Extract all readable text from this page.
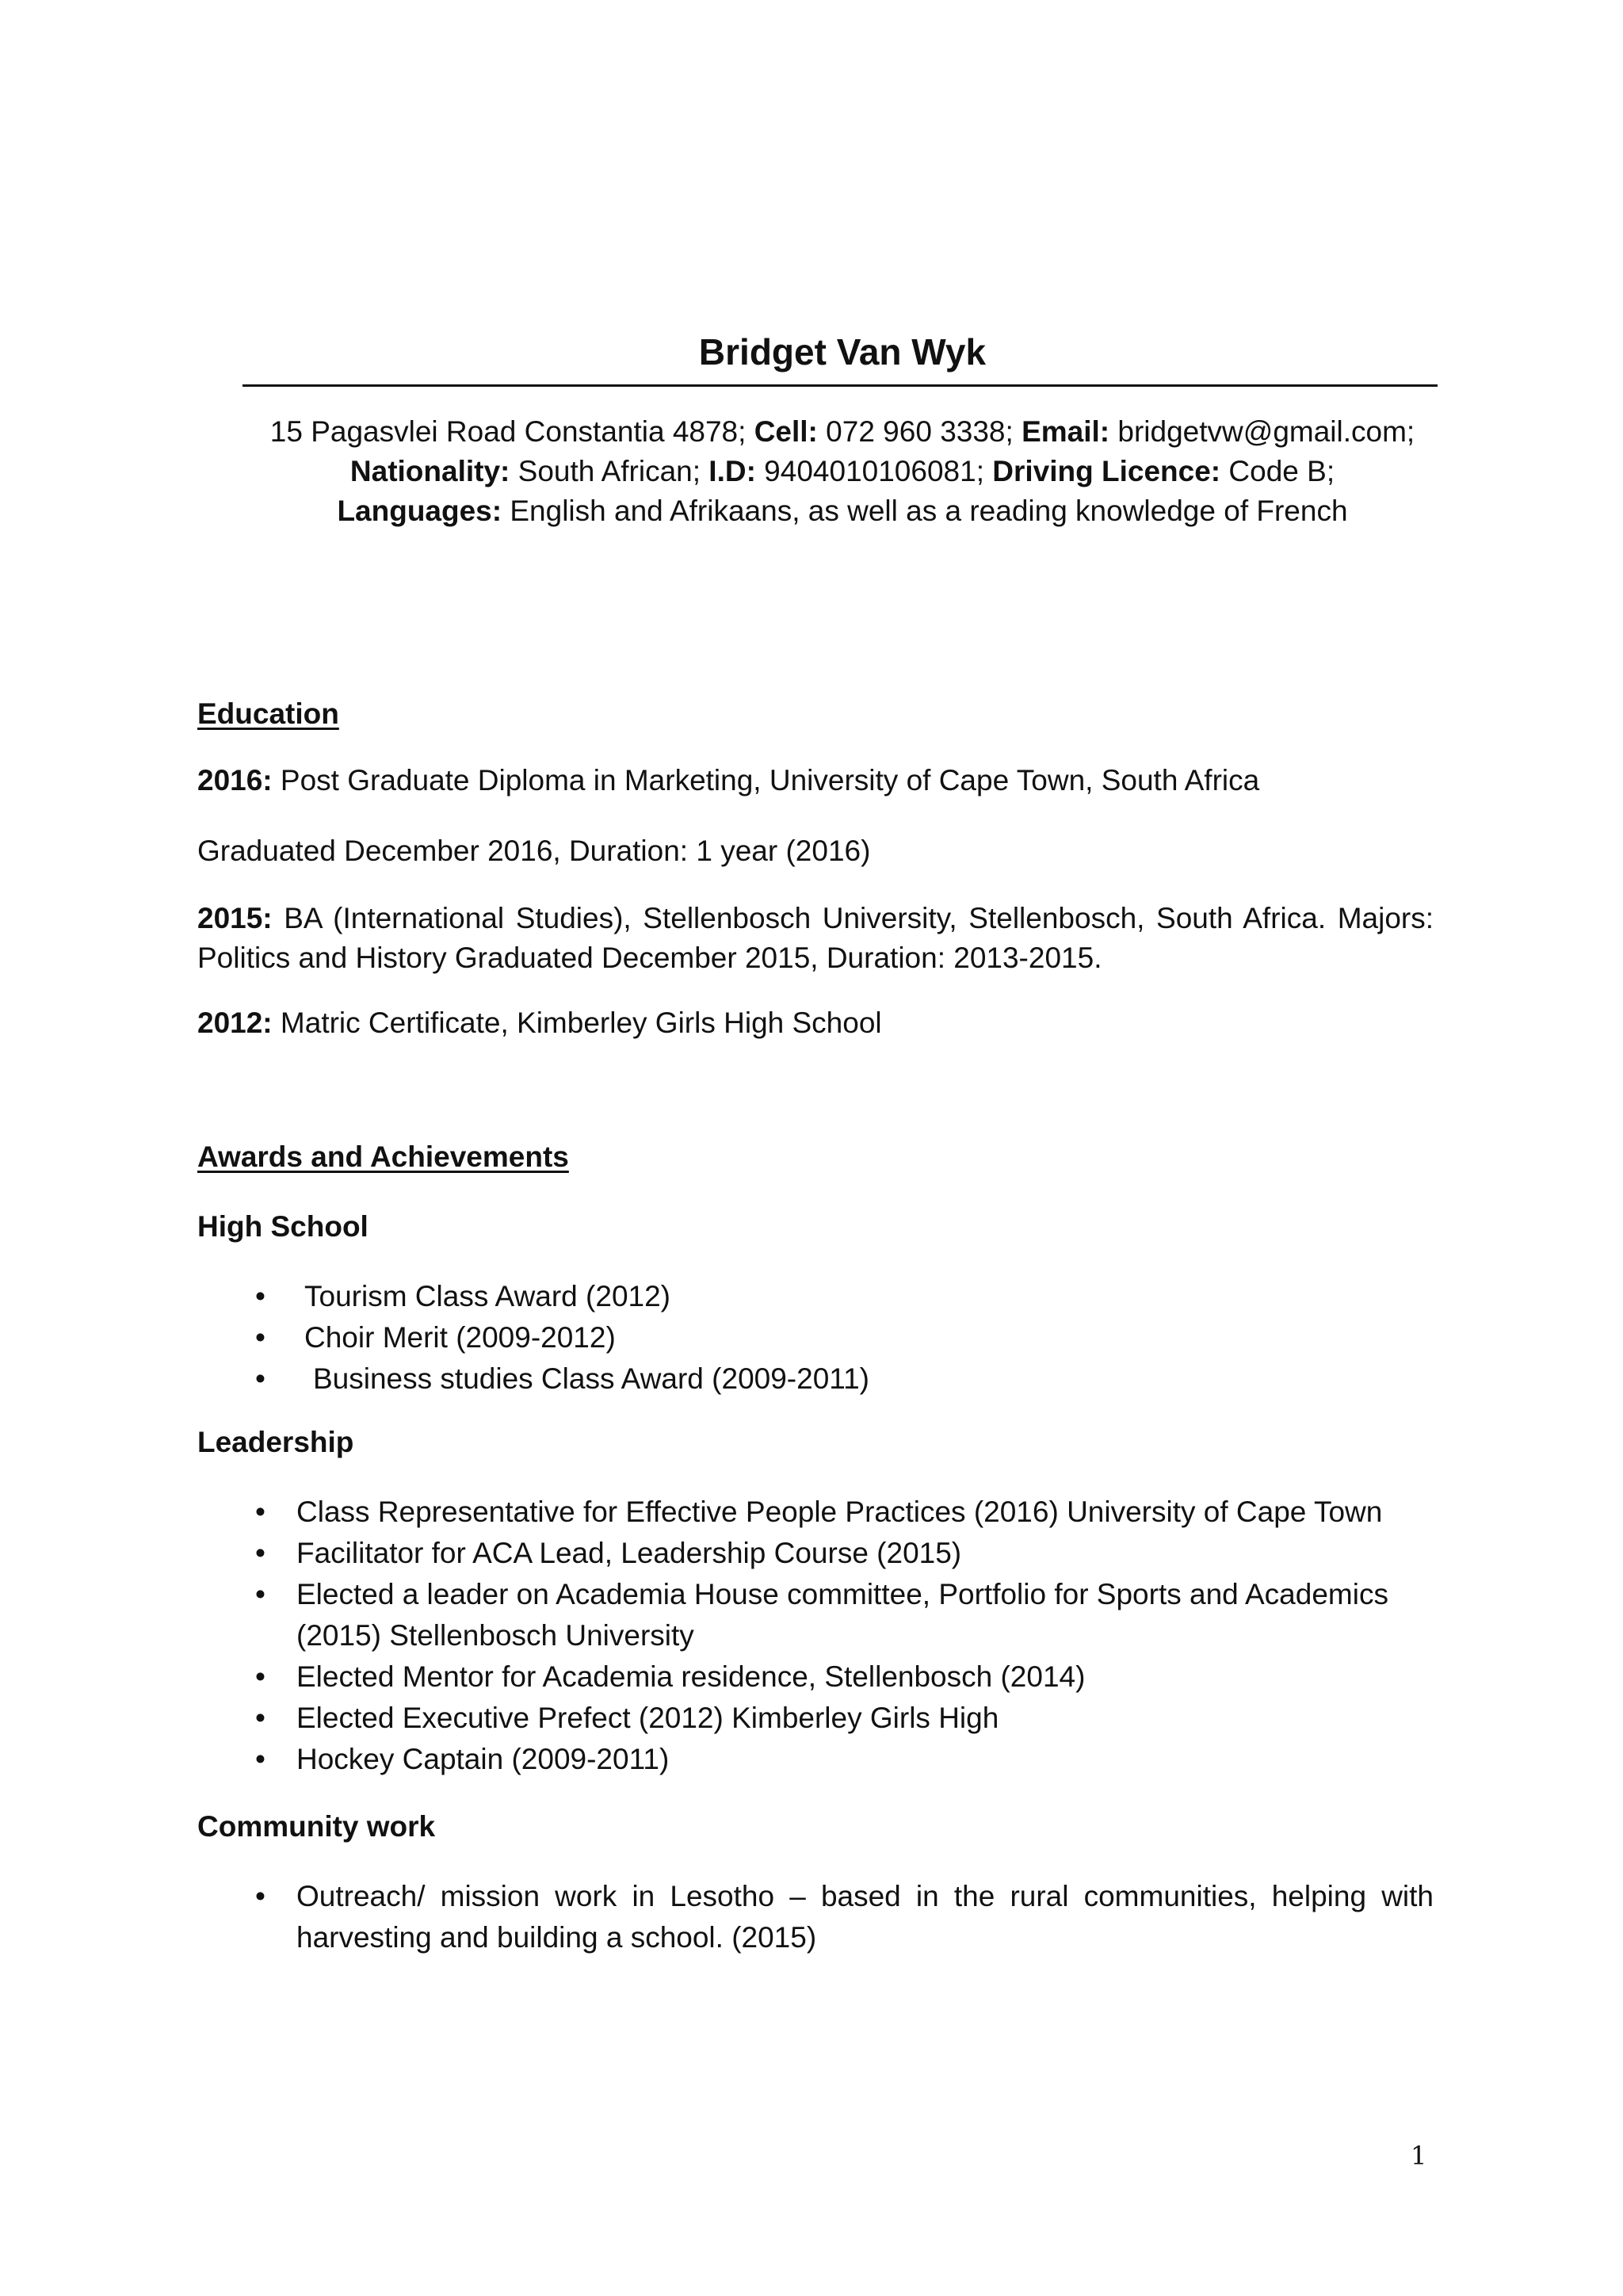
Bridget Van Wyk
15 Pagasvlei Road Constantia 4878; Cell: 072 960 3338; Email: bridgetvw@gmail.com;
Nationality: South African; I.D: 9404010106081; Driving Licence: Code B;
Languages: English and Afrikaans, as well as a reading knowledge of French
Education
2016: Post Graduate Diploma in Marketing, University of Cape Town, South Africa
Graduated December 2016, Duration: 1 year (2016)
2015: BA (International Studies), Stellenbosch University, Stellenbosch, South Africa. Majors: Politics and History Graduated December 2015, Duration: 2013-2015.
2012: Matric Certificate, Kimberley Girls High School
Awards and Achievements
High School
• Tourism Class Award (2012)
• Choir Merit (2009-2012)
• Business studies Class Award (2009-2011)
Leadership
• Class Representative for Effective People Practices (2016) University of Cape Town
• Facilitator for ACA Lead, Leadership Course (2015)
• Elected a leader on Academia House committee, Portfolio for Sports and Academics (2015) Stellenbosch University
• Elected Mentor for Academia residence, Stellenbosch (2014)
• Elected Executive Prefect (2012) Kimberley Girls High
• Hockey Captain (2009-2011)
Community work
• Outreach/ mission work in Lesotho – based in the rural communities, helping with harvesting and building a school. (2015)
1
